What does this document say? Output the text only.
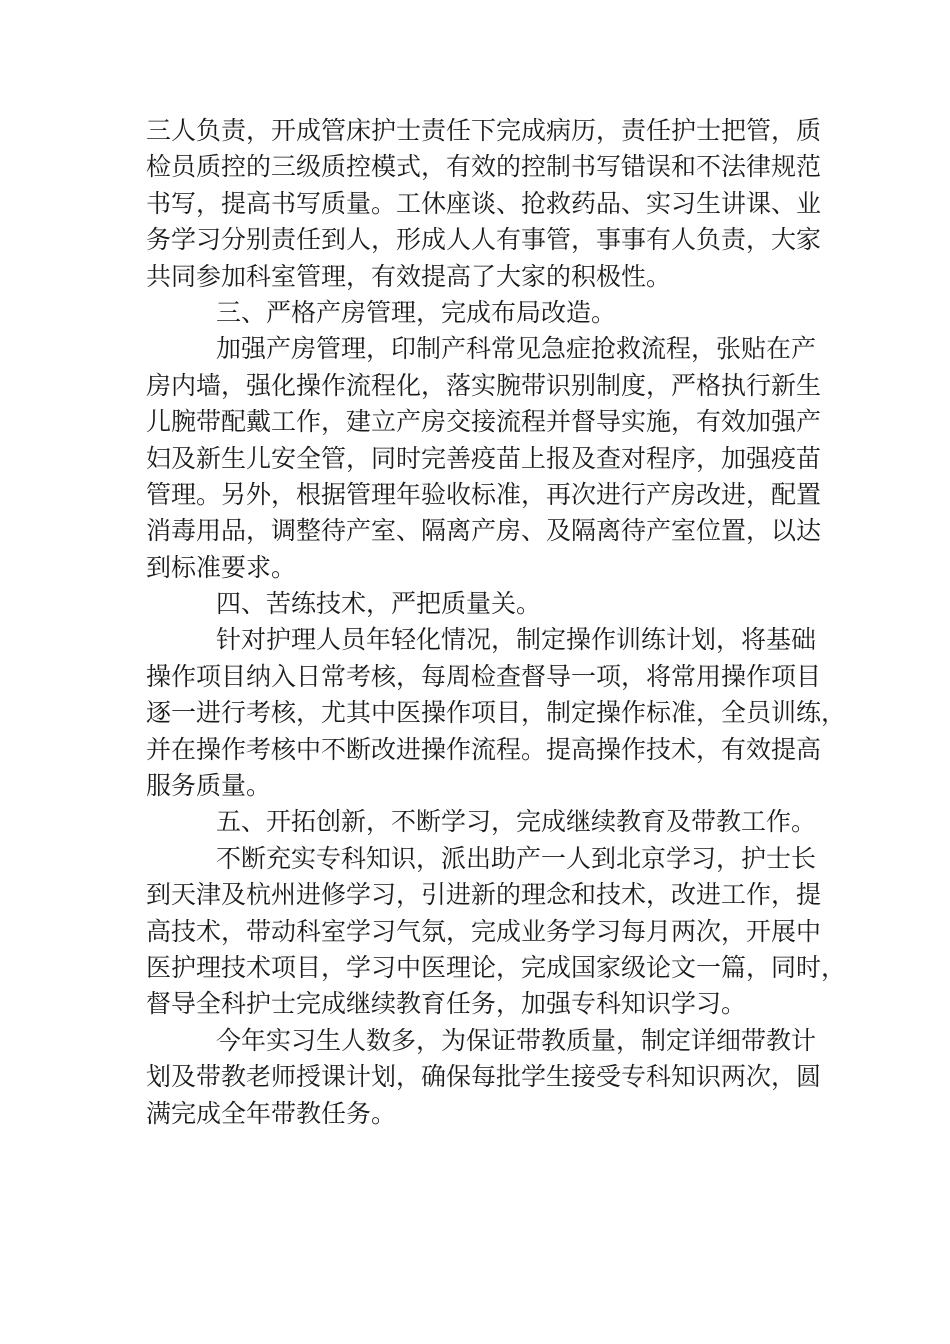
三人负责，开成管床护士责任下完成病历，责任护士把管，质
检员质控的三级质控模式，有效的控制书写错误和不法律规范
书写，提高书写质量。工休座谈、抢救药品、实习生讲课、业
务学习分别责任到人，形成人人有事管，事事有人负责，大家
共同参加科室管理，有效提高了大家的积极性。

三、严格产房管理，完成布局改造。

加强产房管理，印制产科常见急症抢救流程，张贴在产
房内墙，强化操作流程化，落实腕带识别制度，严格执行新生
儿腕带配戴工作，建立产房交接流程并督导实施，有效加强产
妇及新生儿安全管，同时完善疫苗上报及查对程序，加强疫苗
管理。另外，根据管理年验收标准，再次进行产房改进，配置
消毒用品，调整待产室、隔离产房、及隔离待产室位置，以达
到标准要求。

四、苦练技术，严把质量关。

针对护理人员年轻化情况，制定操作训练计划，将基础
操作项目纳入日常考核，每周检查督导一项，将常用操作项目
逐一进行考核，尤其中医操作项目，制定操作标准，全员训练，
并在操作考核中不断改进操作流程。提高操作技术，有效提高
服务质量。

五、开拓创新，不断学习，完成继续教育及带教工作。

不断充实专科知识，派出助产一人到北京学习，护士长
到天津及杭州进修学习，引进新的理念和技术，改进工作，提
高技术，带动科室学习气氛，完成业务学习每月两次，开展中
医护理技术项目，学习中医理论，完成国家级论文一篇，同时，
督导全科护士完成继续教育任务，加强专科知识学习。

今年实习生人数多，为保证带教质量，制定详细带教计
划及带教老师授课计划，确保每批学生接受专科知识两次，圆
满完成全年带教任务。
